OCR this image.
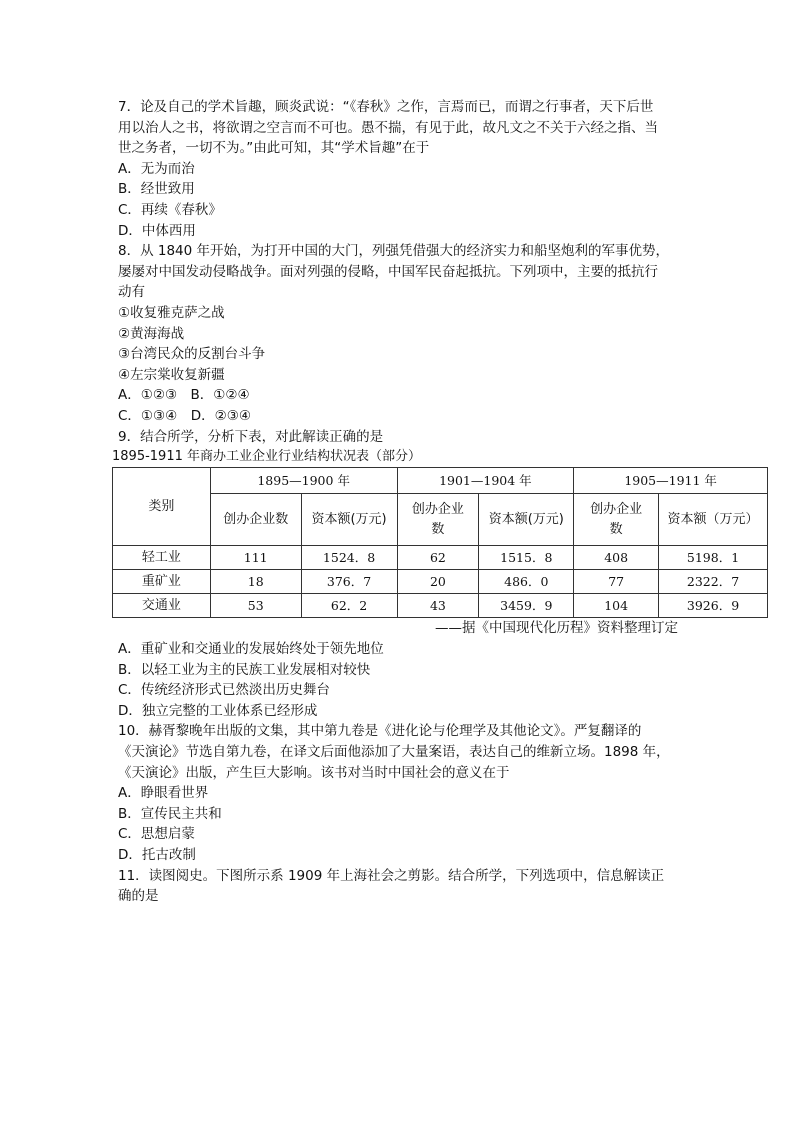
7．论及自己的学术旨趣，顾炎武说：“《春秋》之作，言焉而已，而谓之行事者，天下后世
用以治人之书，将欲谓之空言而不可也。愚不揣，有见于此，故凡文之不关于六经之指、当
世之务者，一切不为。”由此可知，其“学术旨趣”在于
A．无为而治
B．经世致用
C．再续《春秋》
D．中体西用
8．从 1840 年开始，为打开中国的大门，列强凭借强大的经济实力和船坚炮利的军事优势，
屡屡对中国发动侵略战争。面对列强的侵略，中国军民奋起抵抗。下列项中，主要的抵抗行
动有
①收复雅克萨之战
②黄海海战
③台湾民众的反割台斗争
④左宗棠收复新疆
A．①②③　B．①②④
C．①③④　D．②③④
9．结合所学，分析下表，对此解读正确的是
1895-1911 年商办工业企业行业结构状况表（部分）
类别	1895—1900 年		1901—1904 年		1905—1911 年	
	创办企业数	资本额(万元)	创办企业数	资本额(万元)	创办企业数	资本额（万元）
轻工业	111	1524．8	62	1515．8	408	5198．1
重矿业	18	376．7	20	486．0	77	2322．7
交通业	53	62．2	43	3459．9	104	3926．9
——据《中国现代化历程》资料整理订定
A．重矿业和交通业的发展始终处于领先地位
B．以轻工业为主的民族工业发展相对较快
C．传统经济形式已然淡出历史舞台
D．独立完整的工业体系已经形成
10．赫胥黎晚年出版的文集，其中第九卷是《进化论与伦理学及其他论文》。严复翻译的
《天演论》节选自第九卷，在译文后面他添加了大量案语，表达自己的维新立场。1898 年，
《天演论》出版，产生巨大影响。该书对当时中国社会的意义在于
A．睁眼看世界
B．宣传民主共和
C．思想启蒙
D．托古改制
11．读图阅史。下图所示系 1909 年上海社会之剪影。结合所学，下列选项中，信息解读正
确的是
